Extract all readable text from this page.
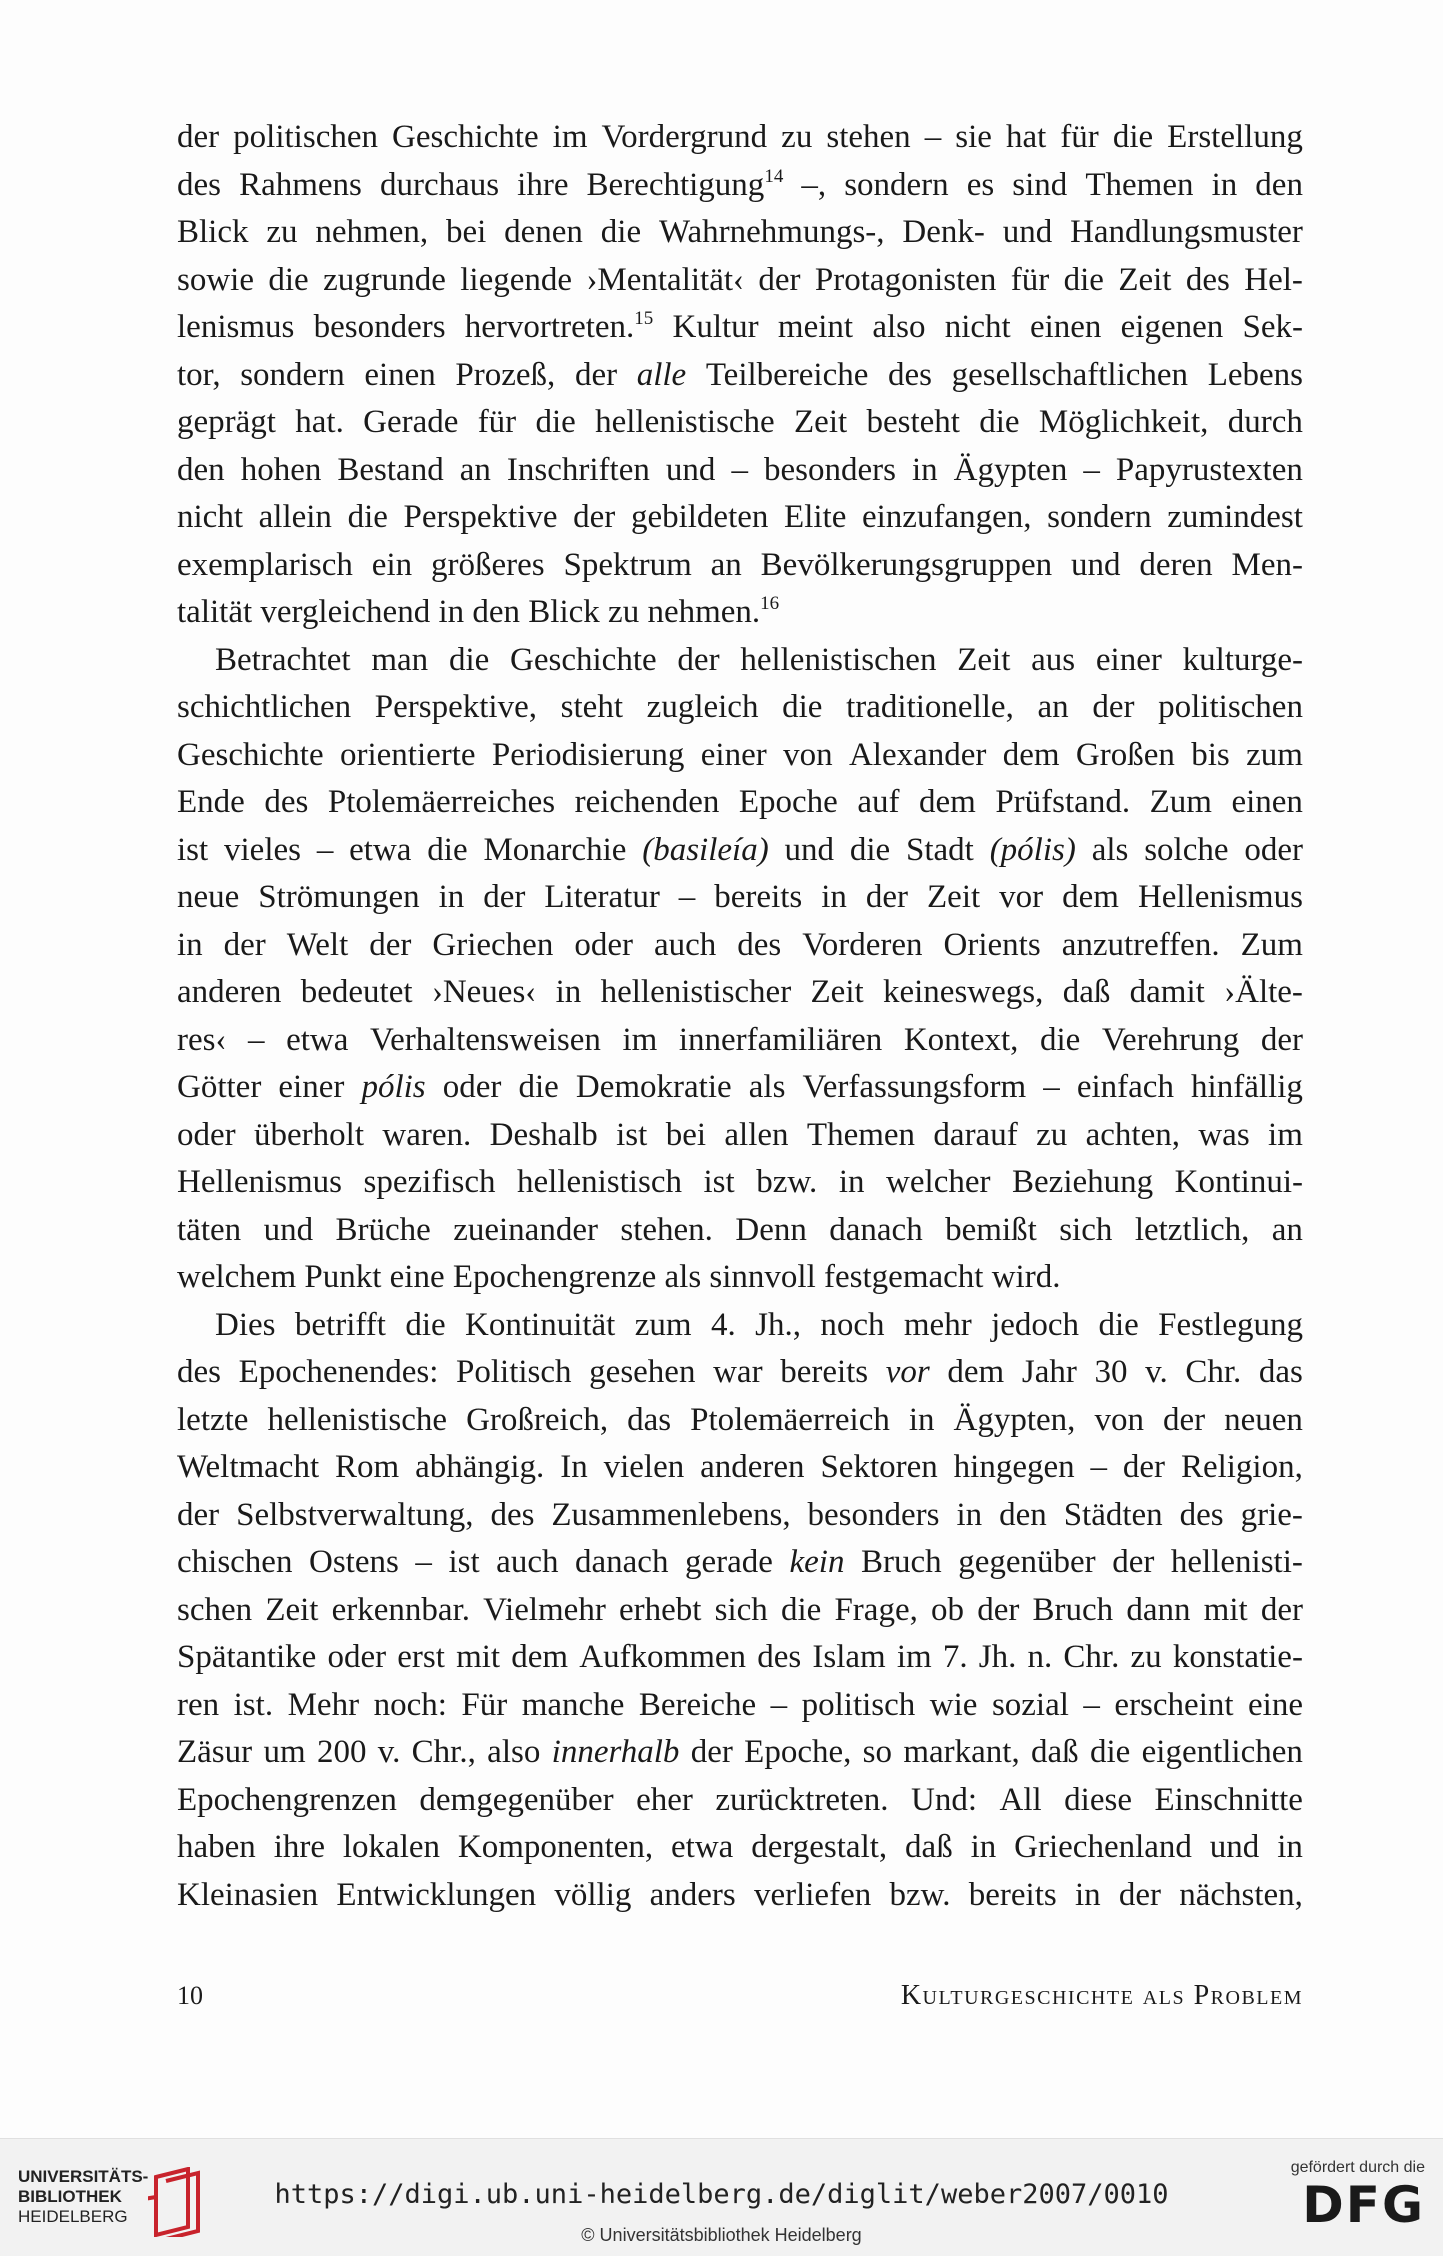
der politischen Geschichte im Vordergrund zu stehen – sie hat für die Erstellung
des Rahmens durchaus ihre Berechtigung$^{14}$ –, sondern es sind Themen in den
Blick zu nehmen, bei denen die Wahrnehmungs-, Denk- und Handlungsmuster
sowie die zugrunde liegende ›Mentalität‹ der Protagonisten für die Zeit des Hel-
lenismus besonders hervortreten.$^{15}$ Kultur meint also nicht einen eigenen Sek-
tor, sondern einen Prozeß, der alle Teilbereiche des gesellschaftlichen Lebens
geprägt hat. Gerade für die hellenistische Zeit besteht die Möglichkeit, durch
den hohen Bestand an Inschriften und – besonders in Ägypten – Papyrustexten
nicht allein die Perspektive der gebildeten Elite einzufangen, sondern zumindest
exemplarisch ein größeres Spektrum an Bevölkerungsgruppen und deren Men-
talität
vergleichend
in
den
Blick
zu
nehmen.$^{16}$

Betrachtet man die Geschichte der hellenistischen Zeit aus einer kulturge-
schichtlichen Perspektive, steht zugleich die traditionelle, an der politischen
Geschichte orientierte Periodisierung einer von Alexander dem Großen bis zum
Ende des Ptolemäerreiches reichenden Epoche auf dem Prüfstand. Zum einen
ist vieles – etwa die Monarchie (basileía) und die Stadt (pólis) als solche oder
neue Strömungen in der Literatur – bereits in der Zeit vor dem Hellenismus
in der Welt der Griechen oder auch des Vorderen Orients anzutreffen. Zum
anderen bedeutet ›Neues‹ in hellenistischer Zeit keineswegs, daß damit ›Älte-
res‹ – etwa Verhaltensweisen im innerfamiliären Kontext, die Verehrung der
Götter einer pólis oder die Demokratie als Verfassungsform – einfach hinfällig
oder überholt waren. Deshalb ist bei allen Themen darauf zu achten, was im
Hellenismus spezifisch hellenistisch ist bzw. in welcher Beziehung Kontinui-
täten und Brüche zueinander stehen. Denn danach bemißt sich letztlich, an
welchem
Punkt
eine
Epochengrenze
als
sinnvoll
festgemacht
wird.

Dies betrifft die Kontinuität zum 4. Jh., noch mehr jedoch die Festlegung
des Epochenendes: Politisch gesehen war bereits vor dem Jahr 30 v. Chr. das
letzte hellenistische Großreich, das Ptolemäerreich in Ägypten, von der neuen
Weltmacht Rom abhängig. In vielen anderen Sektoren hingegen – der Religion,
der Selbstverwaltung, des Zusammenlebens, besonders in den Städten des grie-
chischen Ostens – ist auch danach gerade kein Bruch gegenüber der hellenisti-
schen Zeit erkennbar. Vielmehr erhebt sich die Frage, ob der Bruch dann mit der
Spätantike oder erst mit dem Aufkommen des Islam im 7. Jh. n. Chr. zu konstatie-
ren ist. Mehr noch: Für manche Bereiche – politisch wie sozial – erscheint eine
Zäsur um 200 v. Chr., also innerhalb der Epoche, so markant, daß die eigentlichen
Epochengrenzen demgegenüber eher zurücktreten. Und: All diese Einschnitte
haben ihre lokalen Komponenten, etwa dergestalt, daß in Griechenland und in
Kleinasien Entwicklungen völlig anders verliefen bzw. bereits in der nächsten,
10	Kulturgeschichte als Problem
UNIVERSITÄTS-
BIBLIOTHEK
HEIDELBERG
https://digi.ub.uni-heidelberg.de/diglit/weber2007/0010
© Universitätsbibliothek Heidelberg
gefördert durch die
DFG
